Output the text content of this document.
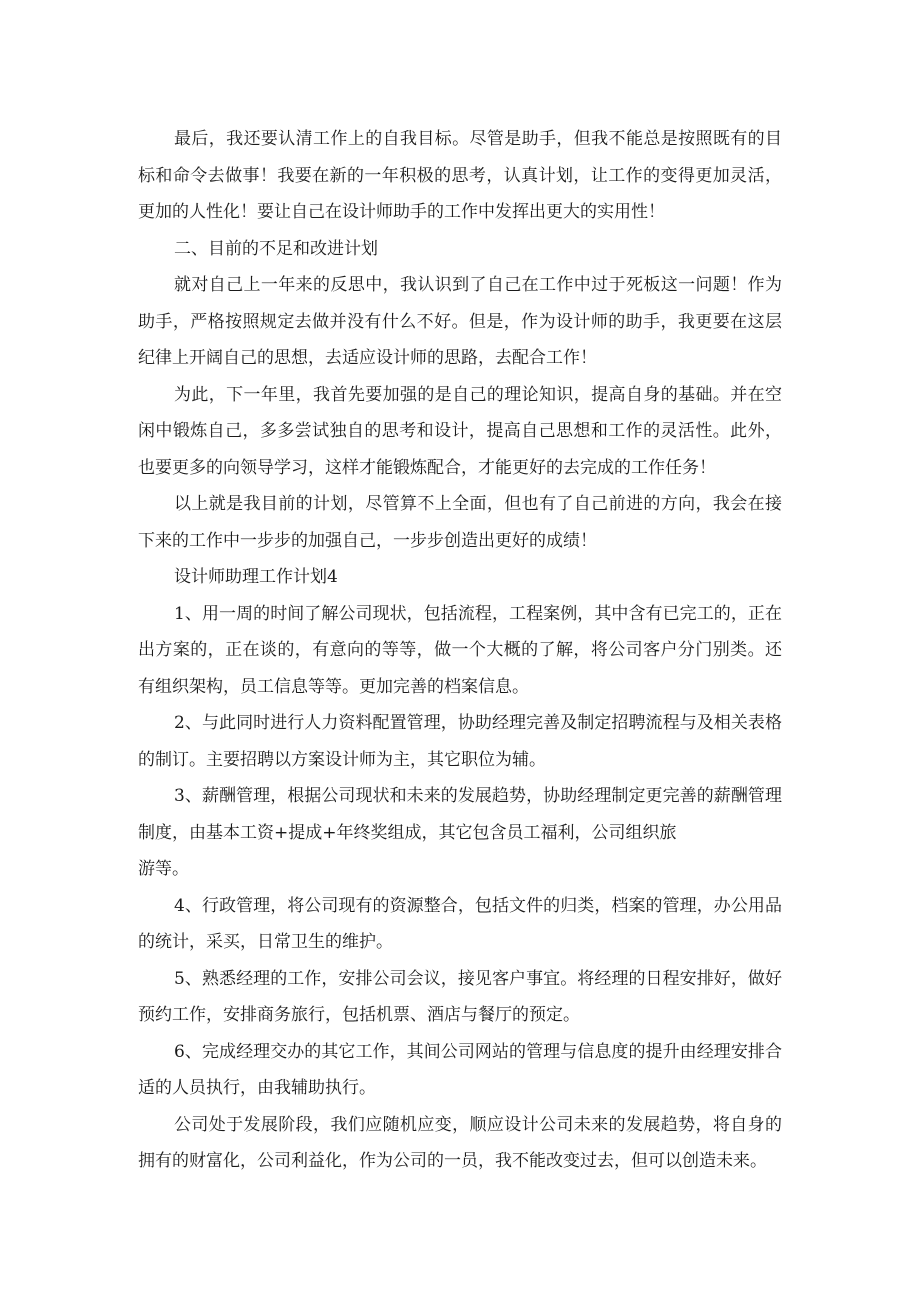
最后，我还要认清工作上的自我目标。尽管是助手，但我不能总是按照既有的目标和命令去做事！我要在新的一年积极的思考，认真计划，让工作的变得更加灵活，更加的人性化！要让自己在设计师助手的工作中发挥出更大的实用性！

二、目前的不足和改进计划

就对自己上一年来的反思中，我认识到了自己在工作中过于死板这一问题！作为助手，严格按照规定去做并没有什么不好。但是，作为设计师的助手，我更要在这层纪律上开阔自己的思想，去适应设计师的思路，去配合工作！

为此，下一年里，我首先要加强的是自己的理论知识，提高自身的基础。并在空闲中锻炼自己，多多尝试独自的思考和设计，提高自己思想和工作的灵活性。此外，也要更多的向领导学习，这样才能锻炼配合，才能更好的去完成的工作任务！

以上就是我目前的计划，尽管算不上全面，但也有了自己前进的方向，我会在接下来的工作中一步步的加强自己，一步步创造出更好的成绩！

设计师助理工作计划4

1、用一周的时间了解公司现状，包括流程，工程案例，其中含有已完工的，正在出方案的，正在谈的，有意向的等等，做一个大概的了解，将公司客户分门别类。还有组织架构，员工信息等等。更加完善的档案信息。

2、与此同时进行人力资料配置管理，协助经理完善及制定招聘流程与及相关表格的制订。主要招聘以方案设计师为主，其它职位为辅。

3、薪酬管理，根据公司现状和未来的发展趋势，协助经理制定更完善的薪酬管理制度，由基本工资+提成+年终奖组成，其它包含员工福利，公司组织旅

游等。

4、行政管理，将公司现有的资源整合，包括文件的归类，档案的管理，办公用品的统计，采买，日常卫生的维护。

5、熟悉经理的工作，安排公司会议，接见客户事宜。将经理的日程安排好，做好预约工作，安排商务旅行，包括机票、酒店与餐厅的预定。

6、完成经理交办的其它工作，其间公司网站的管理与信息度的提升由经理安排合适的人员执行，由我辅助执行。

公司处于发展阶段，我们应随机应变，顺应设计公司未来的发展趋势，将自身的拥有的财富化，公司利益化，作为公司的一员，我不能改变过去，但可以创造未来。
